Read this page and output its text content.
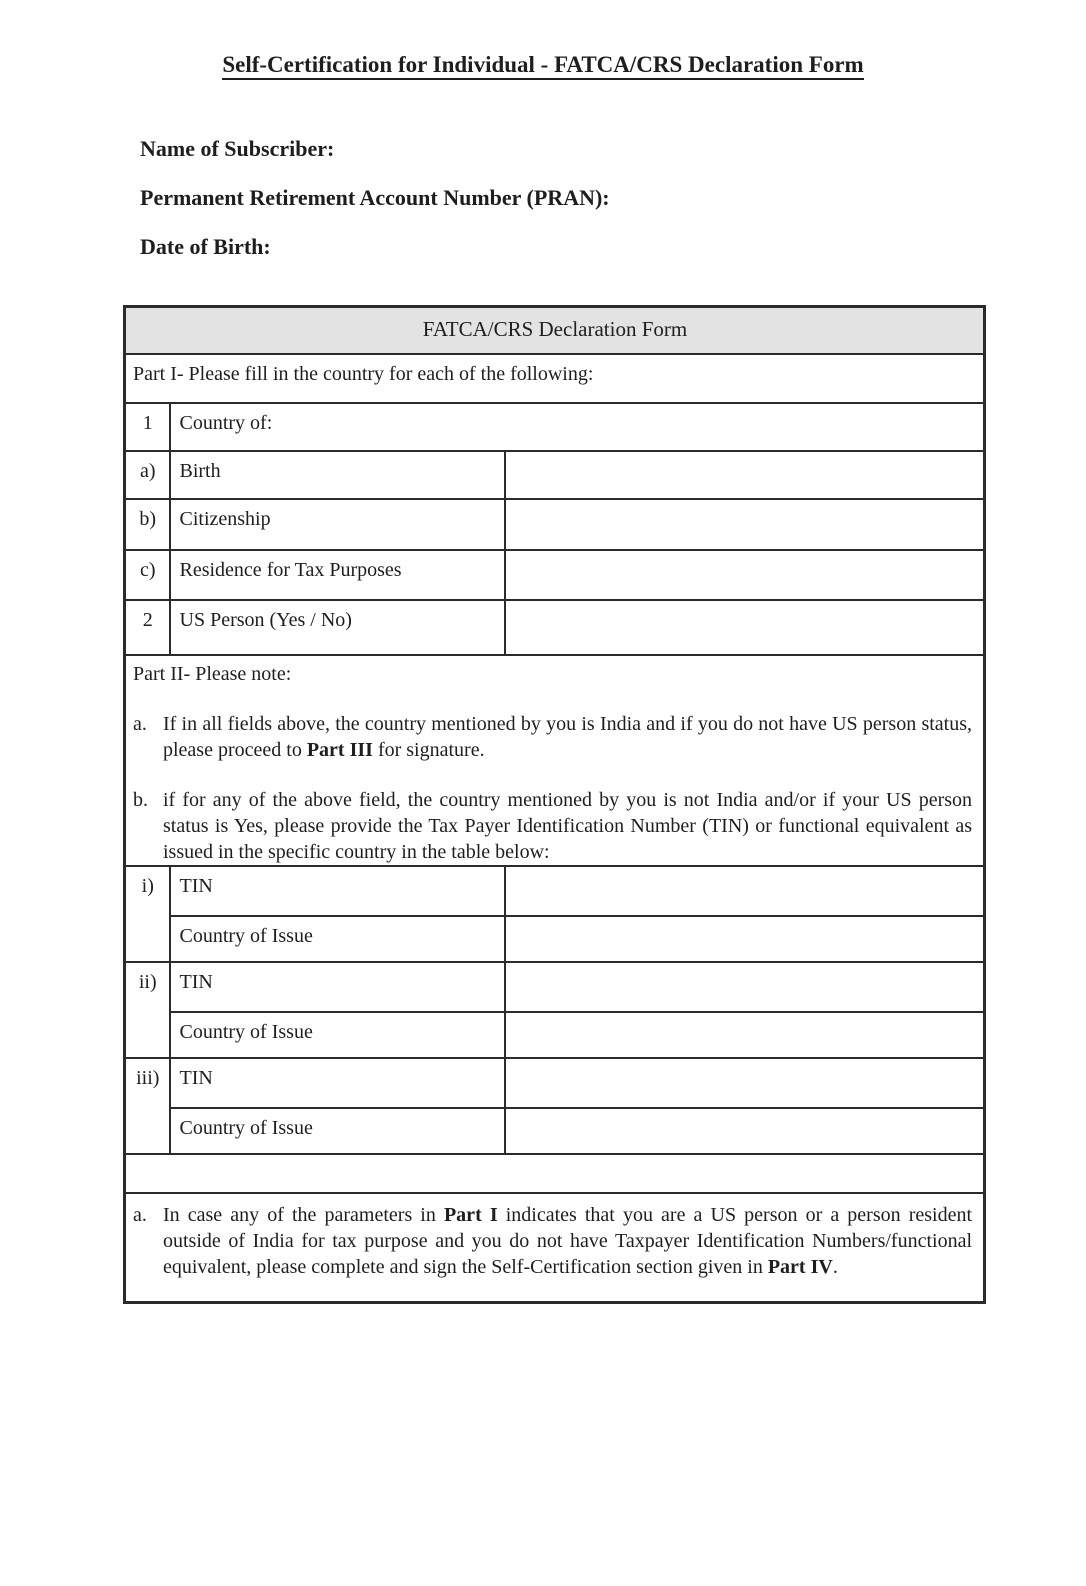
Self-Certification for Individual - FATCA/CRS Declaration Form
Name of Subscriber:
Permanent Retirement Account Number (PRAN):
Date of Birth:
FATCA/CRS Declaration Form		
Part I- Please fill in the country for each of the following:		
1	Country of:	
a)	Birth	
b)	Citizenship	
c)	Residence for Tax Purposes	
2	US Person (Yes / No)	

Part II- Please note:
a. If in all fields above, the country mentioned by you is India and if you do not have US person status, please proceed to Part III for signature.
b. if for any of the above field, the country mentioned by you is not India and/or if your US person status is Yes, please provide the Tax Payer Identification Number (TIN) or functional equivalent as issued in the specific country in the table below:		

i)	TIN	
	Country of Issue	
ii)	TIN	
	Country of Issue	
iii)	TIN	
	Country of Issue	

a. In case any of the parameters in Part I indicates that you are a US person or a person resident outside of India for tax purpose and you do not have Taxpayer Identification Numbers/functional equivalent, please complete and sign the Self-Certification section given in Part IV.		
